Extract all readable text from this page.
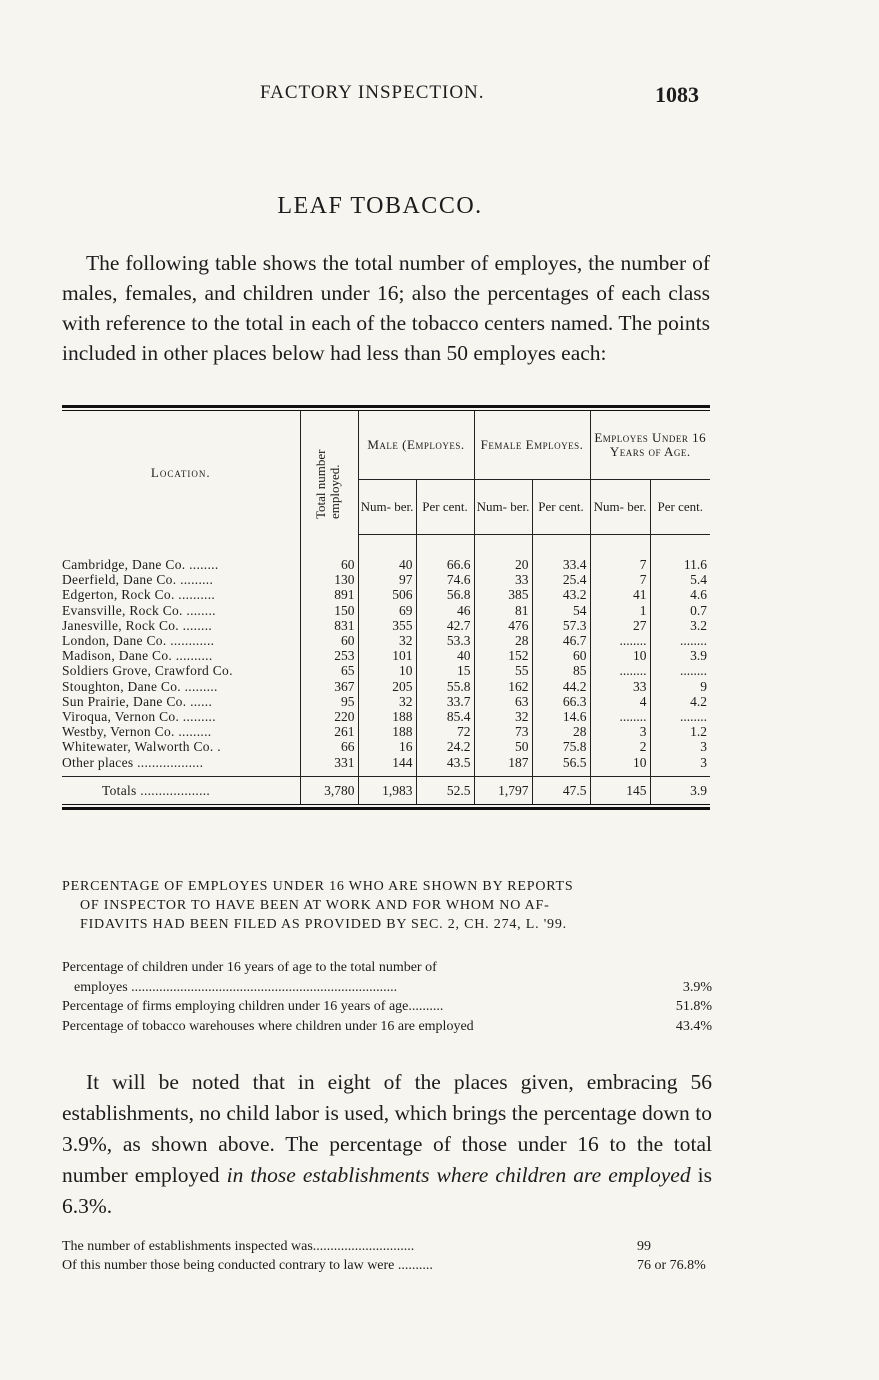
FACTORY INSPECTION.	1083
LEAF TOBACCO.

The following table shows the total number of employes, the number of males, females, and children under 16; also the percentages of each class with reference to the total in each of the tobacco centers named. The points included in other places below had less than 50 employes each:

Location.	Total number employed.	Male (Employes.		Female Employes.		Employes Under 16 Years of Age.	
		Num- ber.	Per cent.	Num- ber.	Per cent.	Num- ber.	Per cent.

Cambridge, Dane Co. ........	60	40	66.6	20	33.4	7	11.6
Deerfield, Dane Co. .........	130	97	74.6	33	25.4	7	5.4
Edgerton, Rock Co. ..........	891	506	56.8	385	43.2	41	4.6
Evansville, Rock Co. ........	150	69	46	81	54	1	0.7
Janesville, Rock Co. ........	831	355	42.7	476	57.3	27	3.2
London, Dane Co. ............	60	32	53.3	28	46.7	........	........
Madison, Dane Co. ..........	253	101	40	152	60	10	3.9
Soldiers Grove, Crawford Co.	65	10	15	55	85	........	........
Stoughton, Dane Co. .........	367	205	55.8	162	44.2	33	9
Sun Prairie, Dane Co. ......	95	32	33.7	63	66.3	4	4.2
Viroqua, Vernon Co. .........	220	188	85.4	32	14.6	........	........
Westby, Vernon Co. .........	261	188	72	73	28	3	1.2
Whitewater, Walworth Co. .	66	16	24.2	50	75.8	2	3
Other places ..................	331	144	43.5	187	56.5	10	3
Totals ...................	3,780	1,983	52.5	1,797	47.5	145	3.9
PERCENTAGE OF EMPLOYES UNDER 16 WHO ARE SHOWN BY REPORTS
OF INSPECTOR TO HAVE BEEN AT WORK AND FOR WHOM NO AF-
FIDAVITS HAD BEEN FILED AS PROVIDED BY SEC. 2, CH. 274, L. '99.
Percentage of children under 16 years of age to the total number of
employes ............................................................................	3.9%
Percentage of firms employing children under 16 years of age..........	51.8%
Percentage of tobacco warehouses where children under 16 are employed	43.4%

It will be noted that in eight of the places given, embracing 56 establishments, no child labor is used, which brings the percentage down to 3.9%, as shown above. The percentage of those under 16 to the total number employed in those establishments where children are employed is 6.3%.

The number of establishments inspected was.............................	99
Of this number those being conducted contrary to law were ..........	76 or 76.8%
